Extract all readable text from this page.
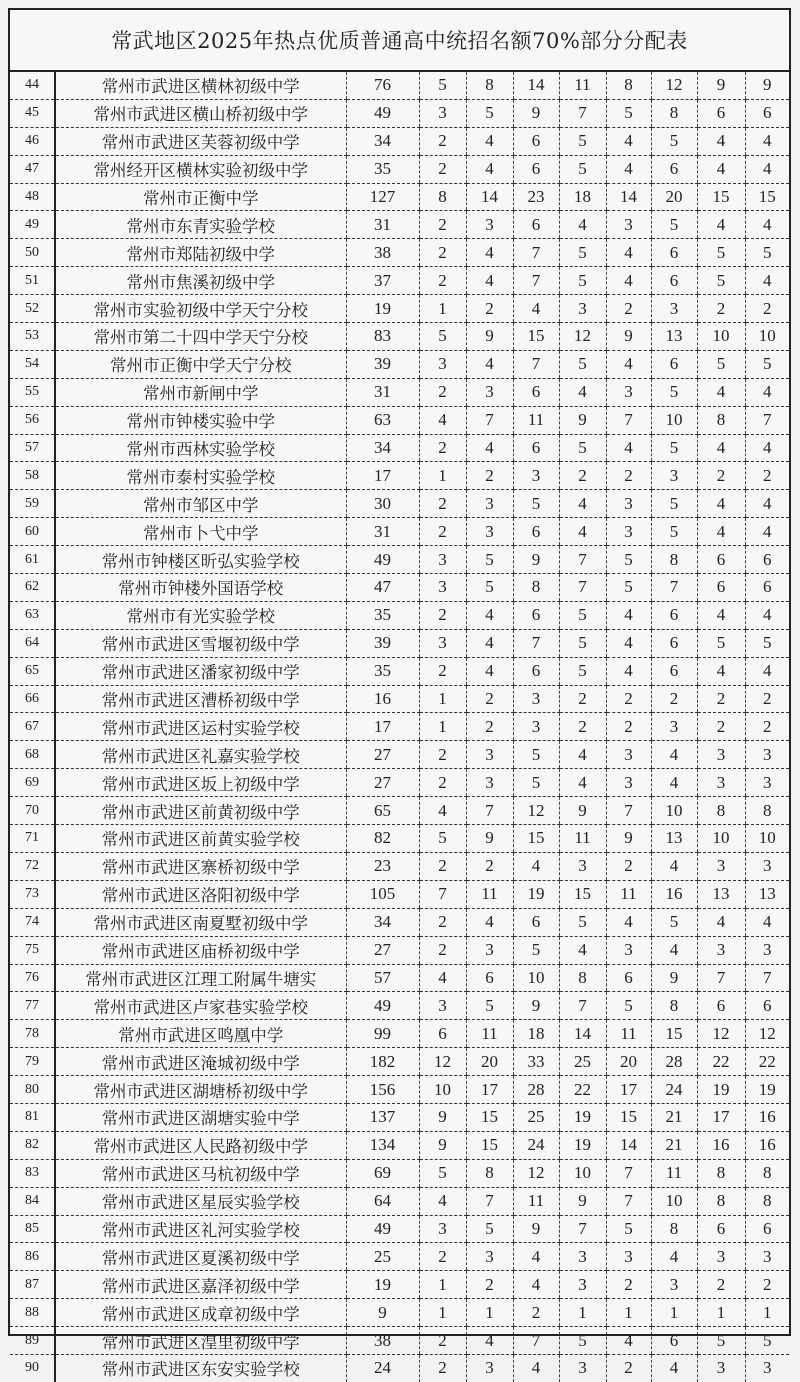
常武地区2025年热点优质普通高中统招名额70%部分分配表
44	常州市武进区横林初级中学	76	5	8	14	11	8	12	9	9
45	常州市武进区横山桥初级中学	49	3	5	9	7	5	8	6	6
46	常州市武进区芙蓉初级中学	34	2	4	6	5	4	5	4	4
47	常州经开区横林实验初级中学	35	2	4	6	5	4	6	4	4
48	常州市正衡中学	127	8	14	23	18	14	20	15	15
49	常州市东青实验学校	31	2	3	6	4	3	5	4	4
50	常州市郑陆初级中学	38	2	4	7	5	4	6	5	5
51	常州市焦溪初级中学	37	2	4	7	5	4	6	5	4
52	常州市实验初级中学天宁分校	19	1	2	4	3	2	3	2	2
53	常州市第二十四中学天宁分校	83	5	9	15	12	9	13	10	10
54	常州市正衡中学天宁分校	39	3	4	7	5	4	6	5	5
55	常州市新闸中学	31	2	3	6	4	3	5	4	4
56	常州市钟楼实验中学	63	4	7	11	9	7	10	8	7
57	常州市西林实验学校	34	2	4	6	5	4	5	4	4
58	常州市泰村实验学校	17	1	2	3	2	2	3	2	2
59	常州市邹区中学	30	2	3	5	4	3	5	4	4
60	常州市卜弋中学	31	2	3	6	4	3	5	4	4
61	常州市钟楼区昕弘实验学校	49	3	5	9	7	5	8	6	6
62	常州市钟楼外国语学校	47	3	5	8	7	5	7	6	6
63	常州市有光实验学校	35	2	4	6	5	4	6	4	4
64	常州市武进区雪堰初级中学	39	3	4	7	5	4	6	5	5
65	常州市武进区潘家初级中学	35	2	4	6	5	4	6	4	4
66	常州市武进区漕桥初级中学	16	1	2	3	2	2	2	2	2
67	常州市武进区运村实验学校	17	1	2	3	2	2	3	2	2
68	常州市武进区礼嘉实验学校	27	2	3	5	4	3	4	3	3
69	常州市武进区坂上初级中学	27	2	3	5	4	3	4	3	3
70	常州市武进区前黄初级中学	65	4	7	12	9	7	10	8	8
71	常州市武进区前黄实验学校	82	5	9	15	11	9	13	10	10
72	常州市武进区寨桥初级中学	23	2	2	4	3	2	4	3	3
73	常州市武进区洛阳初级中学	105	7	11	19	15	11	16	13	13
74	常州市武进区南夏墅初级中学	34	2	4	6	5	4	5	4	4
75	常州市武进区庙桥初级中学	27	2	3	5	4	3	4	3	3
76	常州市武进区江理工附属牛塘实	57	4	6	10	8	6	9	7	7
77	常州市武进区卢家巷实验学校	49	3	5	9	7	5	8	6	6
78	常州市武进区鸣凰中学	99	6	11	18	14	11	15	12	12
79	常州市武进区淹城初级中学	182	12	20	33	25	20	28	22	22
80	常州市武进区湖塘桥初级中学	156	10	17	28	22	17	24	19	19
81	常州市武进区湖塘实验中学	137	9	15	25	19	15	21	17	16
82	常州市武进区人民路初级中学	134	9	15	24	19	14	21	16	16
83	常州市武进区马杭初级中学	69	5	8	12	10	7	11	8	8
84	常州市武进区星辰实验学校	64	4	7	11	9	7	10	8	8
85	常州市武进区礼河实验学校	49	3	5	9	7	5	8	6	6
86	常州市武进区夏溪初级中学	25	2	3	4	3	3	4	3	3
87	常州市武进区嘉泽初级中学	19	1	2	4	3	2	3	2	2
88	常州市武进区成章初级中学	9	1	1	2	1	1	1	1	1
89	常州市武进区湟里初级中学	38	2	4	7	5	4	6	5	5
90	常州市武进区东安实验学校	24	2	3	4	3	2	4	3	3
